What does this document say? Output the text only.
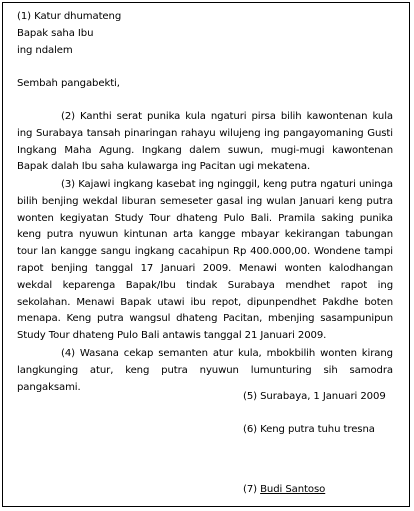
(1) Katur dhumateng
Bapak saha Ibu
ing ndalem
Sembah pangabekti,

(2) Kanthi serat punika kula ngaturi pirsa bilih kawontenan kula ing Surabaya tansah pinaringan rahayu wilujeng ing pangayomaning Gusti Ingkang Maha Agung. Ingkang dalem suwun, mugi-mugi kawontenan Bapak dalah Ibu saha kulawarga ing Pacitan ugi mekatena.

(3) Kajawi ingkang kasebat ing nginggil, keng putra ngaturi uninga bilih benjing wekdal liburan semeseter gasal ing wulan Januari keng putra wonten kegiyatan Study Tour dhateng Pulo Bali. Pramila saking punika keng putra nyuwun kintunan arta kangge mbayar kekirangan tabungan tour lan kangge sangu ingkang cacahipun Rp 400.000,00. Wondene tampi rapot benjing tanggal 17 Januari 2009. Menawi wonten kalodhangan wekdal keparenga Bapak/Ibu tindak Surabaya mendhet rapot ing sekolahan. Menawi Bapak utawi ibu repot, dipunpendhet Pakdhe boten menapa. Keng putra wangsul dhateng Pacitan, mbenjing sasampunipun Study Tour dhateng Pulo Bali antawis tanggal 21 Januari 2009.

(4) Wasana cekap semanten atur kula, mbokbilih wonten kirang langkunging atur, keng putra nyuwun lumunturing sih samodra pangaksami.

(5) Surabaya, 1 Januari 2009
(6) Keng putra tuhu tresna
(7) Budi Santoso
